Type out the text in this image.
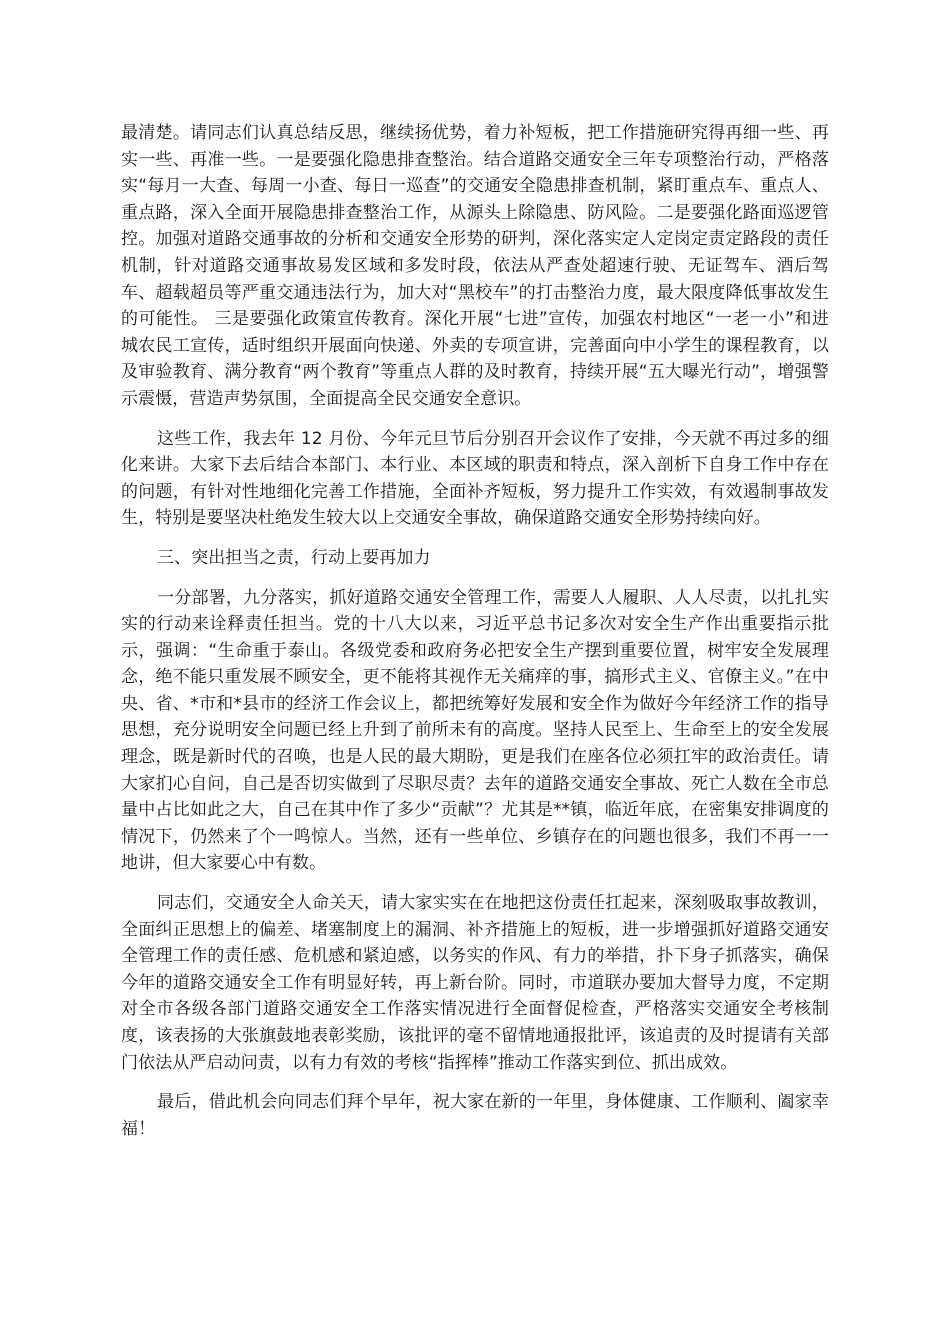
最清楚。请同志们认真总结反思，继续扬优势，着力补短板，把工作措施研究得再细一些、再实一些、再准一些。一是要强化隐患排查整治。结合道路交通安全三年专项整治行动，严格落实“每月一大查、每周一小查、每日一巡查”的交通安全隐患排查机制，紧盯重点车、重点人、重点路，深入全面开展隐患排查整治工作，从源头上除隐患、防风险。二是要强化路面巡逻管控。加强对道路交通事故的分析和交通安全形势的研判，深化落实定人定岗定责定路段的责任机制，针对道路交通事故易发区域和多发时段，依法从严查处超速行驶、无证驾车、酒后驾车、超载超员等严重交通违法行为，加大对“黑校车”的打击整治力度，最大限度降低事故发生的可能性。 三是要强化政策宣传教育。深化开展“七进”宣传，加强农村地区“一老一小”和进城农民工宣传，适时组织开展面向快递、外卖的专项宣讲，完善面向中小学生的课程教育，以及审验教育、满分教育“两个教育”等重点人群的及时教育，持续开展“五大曝光行动”，增强警示震慑，营造声势氛围，全面提高全民交通安全意识。

这些工作，我去年 12 月份、今年元旦节后分别召开会议作了安排，今天就不再过多的细化来讲。大家下去后结合本部门、本行业、本区域的职责和特点，深入剖析下自身工作中存在的问题，有针对性地细化完善工作措施，全面补齐短板，努力提升工作实效，有效遏制事故发生，特别是要坚决杜绝发生较大以上交通安全事故，确保道路交通安全形势持续向好。

三、突出担当之责，行动上要再加力

一分部署，九分落实，抓好道路交通安全管理工作，需要人人履职、人人尽责，以扎扎实实的行动来诠释责任担当。党的十八大以来，习近平总书记多次对安全生产作出重要指示批示，强调：“生命重于泰山。各级党委和政府务必把安全生产摆到重要位置，树牢安全发展理念，绝不能只重发展不顾安全，更不能将其视作无关痛痒的事，搞形式主义、官僚主义。”在中央、省、*市和*县市的经济工作会议上，都把统筹好发展和安全作为做好今年经济工作的指导思想，充分说明安全问题已经上升到了前所未有的高度。坚持人民至上、生命至上的安全发展理念，既是新时代的召唤，也是人民的最大期盼，更是我们在座各位必须扛牢的政治责任。请大家扪心自问，自己是否切实做到了尽职尽责？去年的道路交通安全事故、死亡人数在全市总量中占比如此之大，自己在其中作了多少“贡献”？尤其是**镇，临近年底，在密集安排调度的情况下，仍然来了个一鸣惊人。当然，还有一些单位、乡镇存在的问题也很多，我们不再一一地讲，但大家要心中有数。

同志们，交通安全人命关天，请大家实实在在地把这份责任扛起来，深刻吸取事故教训，全面纠正思想上的偏差、堵塞制度上的漏洞、补齐措施上的短板，进一步增强抓好道路交通安全管理工作的责任感、危机感和紧迫感，以务实的作风、有力的举措，扑下身子抓落实，确保今年的道路交通安全工作有明显好转，再上新台阶。同时，市道联办要加大督导力度，不定期对全市各级各部门道路交通安全工作落实情况进行全面督促检查，严格落实交通安全考核制度，该表扬的大张旗鼓地表彰奖励，该批评的毫不留情地通报批评，该追责的及时提请有关部门依法从严启动问责，以有力有效的考核“指挥棒”推动工作落实到位、抓出成效。

最后，借此机会向同志们拜个早年，祝大家在新的一年里，身体健康、工作顺利、阖家幸福！
